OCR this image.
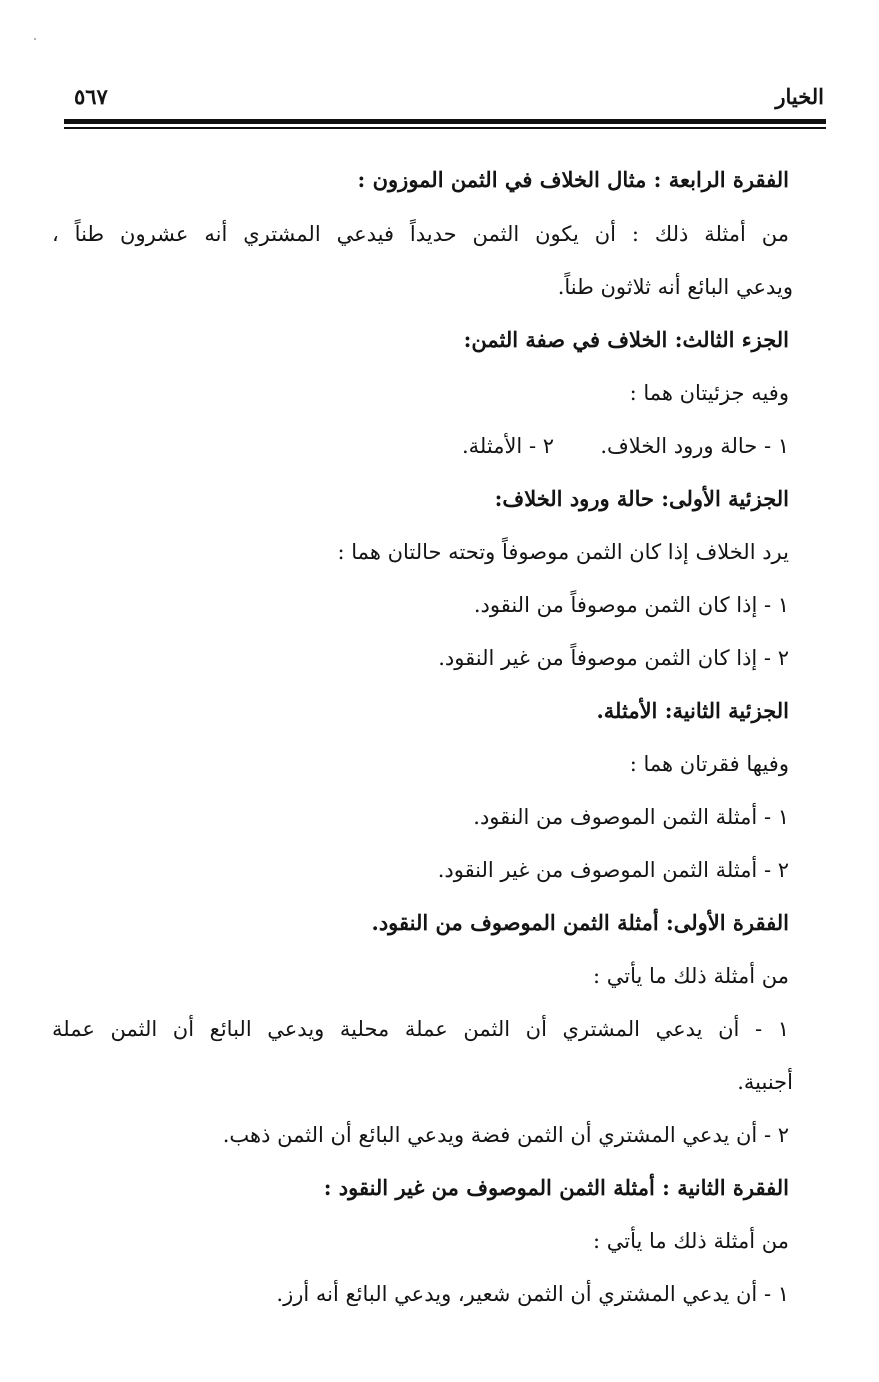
الخيار
٥٦٧
الفقرة الرابعة : مثال الخلاف في الثمن الموزون :
من أمثلة ذلك : أن يكون الثمن حديداً فيدعي المشتري أنه عشرون طناً ،
ويدعي البائع أنه ثلاثون طناً.
الجزء الثالث: الخلاف في صفة الثمن:
وفيه جزئيتان هما :
١ - حالة ورود الخلاف.
٢ - الأمثلة.
الجزئية الأولى: حالة ورود الخلاف:
يرد الخلاف إذا كان الثمن موصوفاً وتحته حالتان هما :
١ - إذا كان الثمن موصوفاً من النقود.
٢ - إذا كان الثمن موصوفاً من غير النقود.
الجزئية الثانية: الأمثلة.
وفيها فقرتان هما :
١ - أمثلة الثمن الموصوف من النقود.
٢ - أمثلة الثمن الموصوف من غير النقود.
الفقرة الأولى: أمثلة الثمن الموصوف من النقود.
من أمثلة ذلك ما يأتي :
١ - أن يدعي المشتري أن الثمن عملة محلية ويدعي البائع أن الثمن عملة
أجنبية.
٢ - أن يدعي المشتري أن الثمن فضة ويدعي البائع أن الثمن ذهب.
الفقرة الثانية : أمثلة الثمن الموصوف من غير النقود :
من أمثلة ذلك ما يأتي :
١ - أن يدعي المشتري أن الثمن شعير، ويدعي البائع أنه أرز.
